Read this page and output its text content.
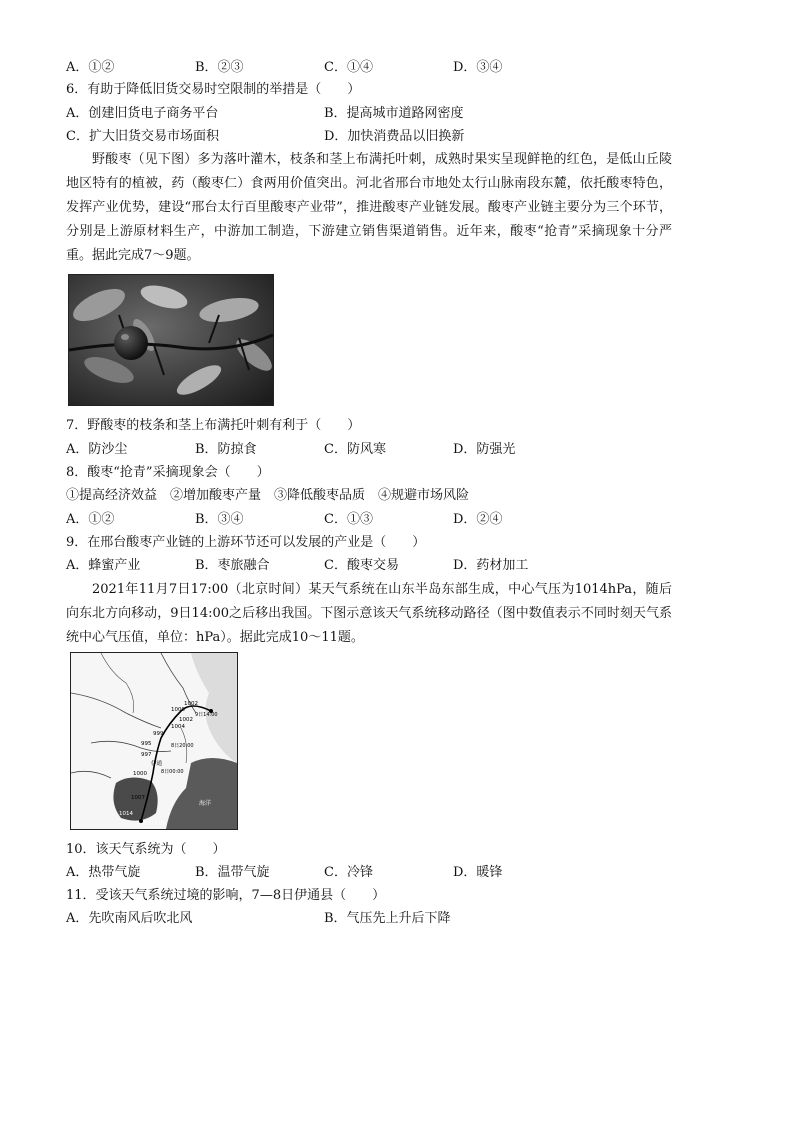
A．①②	B．②③	C．①④	D．③④
6．有助于降低旧货交易时空限制的举措是（　　）
A．创建旧货电子商务平台	B．提高城市道路网密度
C．扩大旧货交易市场面积	D．加快消费品以旧换新

野酸枣（见下图）多为落叶灌木，枝条和茎上布满托叶刺，成熟时果实呈现鲜艳的红色，是低山丘陵地区特有的植被，药（酸枣仁）食两用价值突出。河北省邢台市地处太行山脉南段东麓，依托酸枣特色，发挥产业优势，建设“邢台太行百里酸枣产业带”，推进酸枣产业链发展。酸枣产业链主要分为三个环节，分别是上游原材料生产，中游加工制造，下游建立销售渠道销售。近年来，酸枣“抢青”采摘现象十分严重。据此完成7～9题。

7．野酸枣的枝条和茎上布满托叶刺有利于（　　）
A．防沙尘	B．防掠食	C．防风寒	D．防强光
8．酸枣“抢青”采摘现象会（　　）
①提高经济效益　②增加酸枣产量　③降低酸枣品质　④规避市场风险
A．①②	B．③④	C．①③	D．②④
9．在邢台酸枣产业链的上游环节还可以发展的产业是（　　）
A．蜂蜜产业	B．枣旅融合	C．酸枣交易	D．药材加工

2021年11月7日17:00（北京时间）某天气系统在山东半岛东部生成，中心气压为1014hPa，随后向东北方向移动，9日14:00之后移出我国。下图示意该天气系统移动路径（图中数值表示不同时刻天气系统中心气压值，单位：hPa）。据此完成10～11题。

1002
1000
1002
1004
999
995
997
1000
1007
1014
9日14:00
8日20:00
8日00:00
7日17:00
伊通
海洋
10．该天气系统为（　　）
A．热带气旋	B．温带气旋	C．冷锋	D．暖锋
11．受该天气系统过境的影响，7—8日伊通县（　　）
A．先吹南风后吹北风	B．气压先上升后下降
